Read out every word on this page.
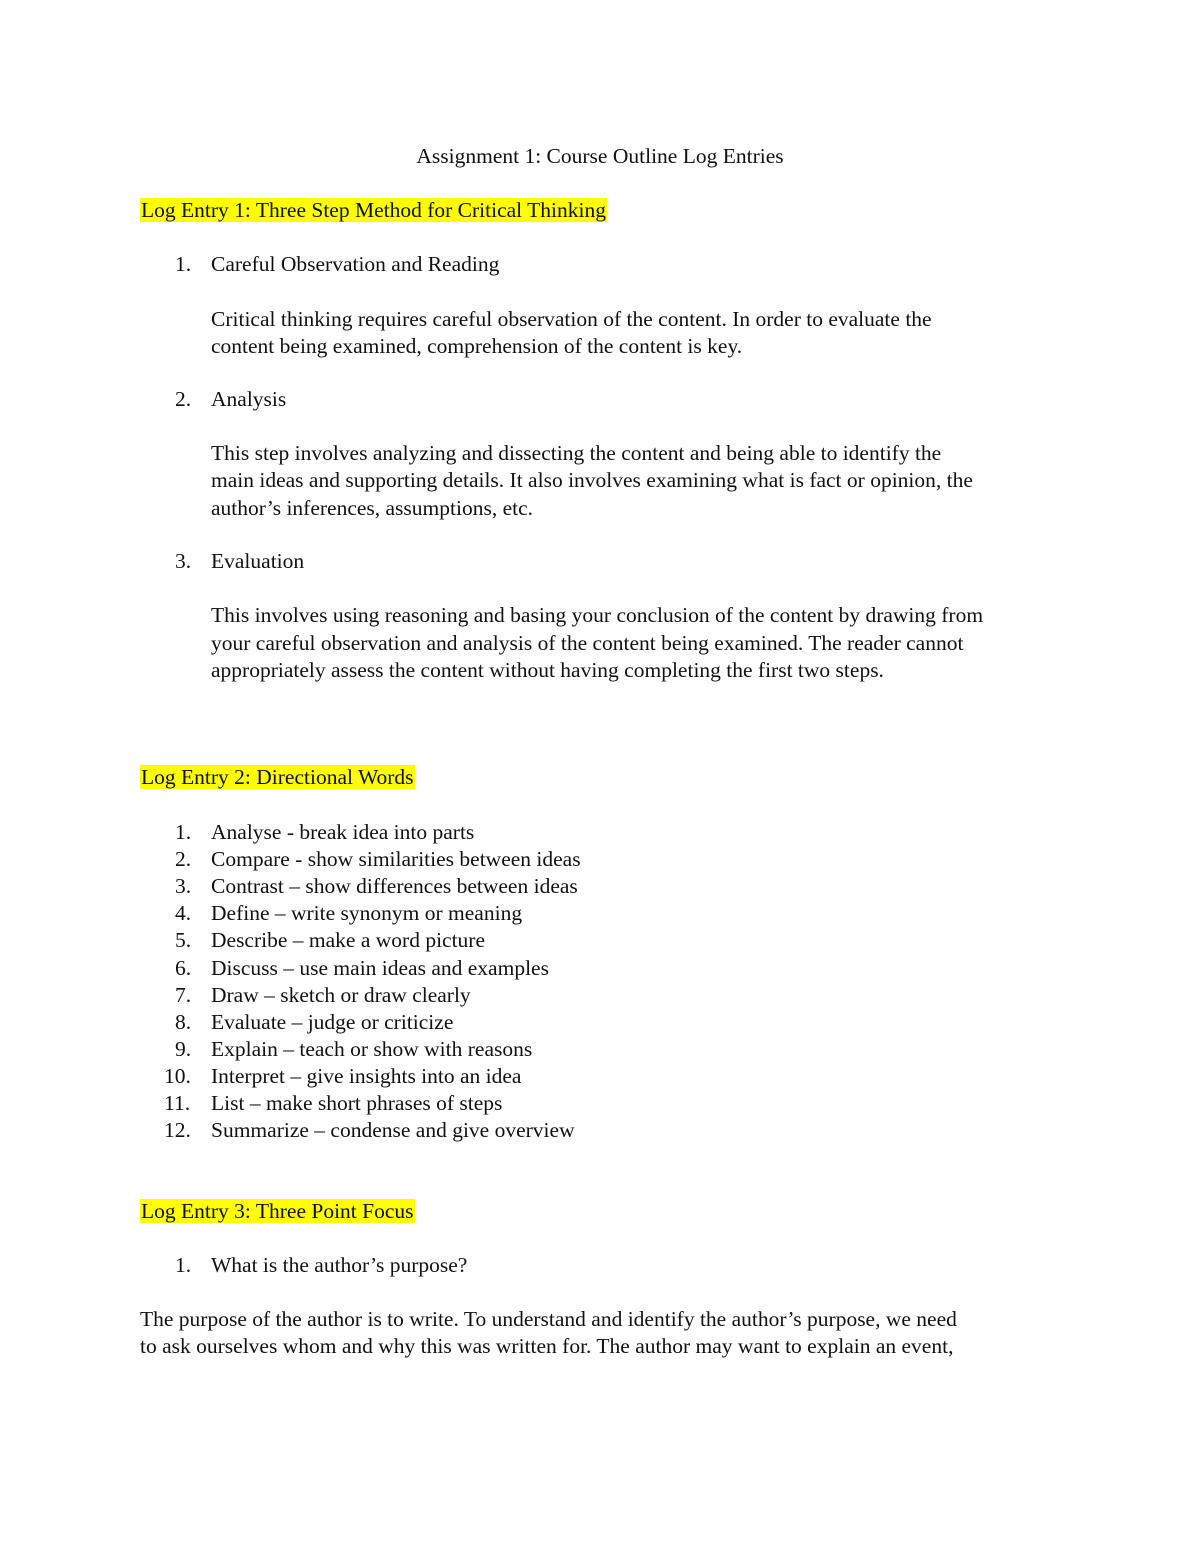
Assignment 1: Course Outline Log Entries
Log Entry 1: Three Step Method for Critical Thinking
1. Careful Observation and Reading
Critical thinking requires careful observation of the content. In order to evaluate the
content being examined, comprehension of the content is key.
2. Analysis
This step involves analyzing and dissecting the content and being able to identify the
main ideas and supporting details. It also involves examining what is fact or opinion, the
author’s inferences, assumptions, etc.
3. Evaluation
This involves using reasoning and basing your conclusion of the content by drawing from
your careful observation and analysis of the content being examined. The reader cannot
appropriately assess the content without having completing the first two steps.
Log Entry 2: Directional Words
1. Analyse - break idea into parts
2. Compare - show similarities between ideas
3. Contrast – show differences between ideas
4. Define – write synonym or meaning
5. Describe – make a word picture
6. Discuss – use main ideas and examples
7. Draw – sketch or draw clearly
8. Evaluate – judge or criticize
9. Explain – teach or show with reasons
10. Interpret – give insights into an idea
11. List – make short phrases of steps
12. Summarize – condense and give overview
Log Entry 3: Three Point Focus
1. What is the author’s purpose?
The purpose of the author is to write. To understand and identify the author’s purpose, we need
to ask ourselves whom and why this was written for. The author may want to explain an event,
